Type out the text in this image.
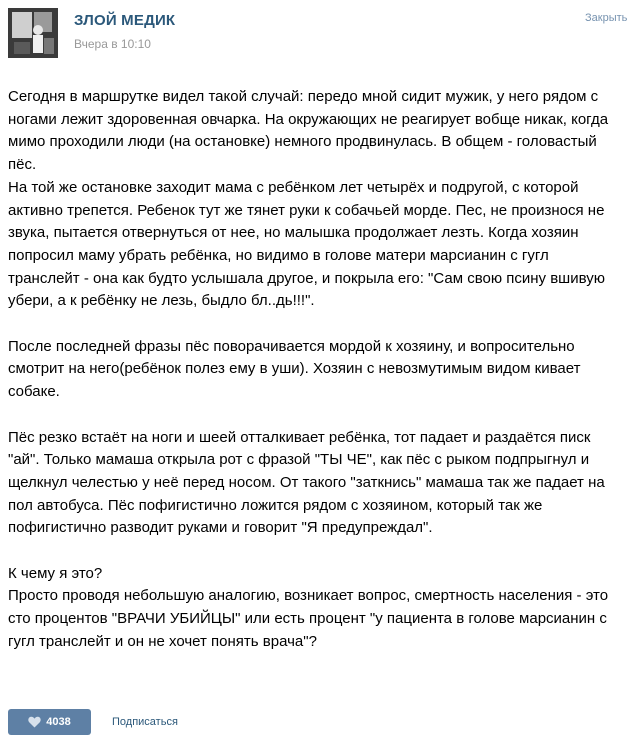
ЗЛОЙ МЕДИК
Вчера в 10:10
Закрыть

Сегодня в маршрутке видел такой случай: передо мной сидит мужик, у него рядом с ногами лежит здоровенная овчарка. На окружающих не реагирует вобще никак, когда мимо проходили люди (на остановке) немного продвинулась. В общем - головастый пёс.

На той же остановке заходит мама с ребёнком лет четырёх и подругой, с которой активно трепется. Ребенок тут же тянет руки к собачьей морде. Пес, не произнося не звука, пытается отвернуться от нее, но малышка продолжает лезть. Когда хозяин попросил маму убрать ребёнка, но видимо в голове матери марсианин с гугл транслейт - она как будто услышала другое, и покрыла его: "Сам свою псину вшивую убери, а к ребёнку не лезь, быдло бл..дь!!!".

После последней фразы пёс поворачивается мордой к хозяину, и вопросительно смотрит на него(ребёнок полез ему в уши). Хозяин с невозмутимым видом кивает собаке.

Пёс резко встаёт на ноги и шеей отталкивает ребёнка, тот падает и раздаётся писк "ай". Только мамаша открыла рот с фразой "ТЫ ЧЕ", как пёс с рыком подпрыгнул и щелкнул челестью у неё перед носом. От такого "заткнись" мамаша так же падает на пол автобуса. Пёс пофигистично ложится рядом с хозяином, который так же пофигистично разводит руками и говорит "Я предупреждал".

К чему я это?

Просто проводя небольшую аналогию, возникает вопрос, смертность населения - это сто процентов "ВРАЧИ УБИЙЦЫ" или есть процент "у пациента в голове марсианин с гугл транслейт и он не хочет понять врача"?

4038	Подписаться
